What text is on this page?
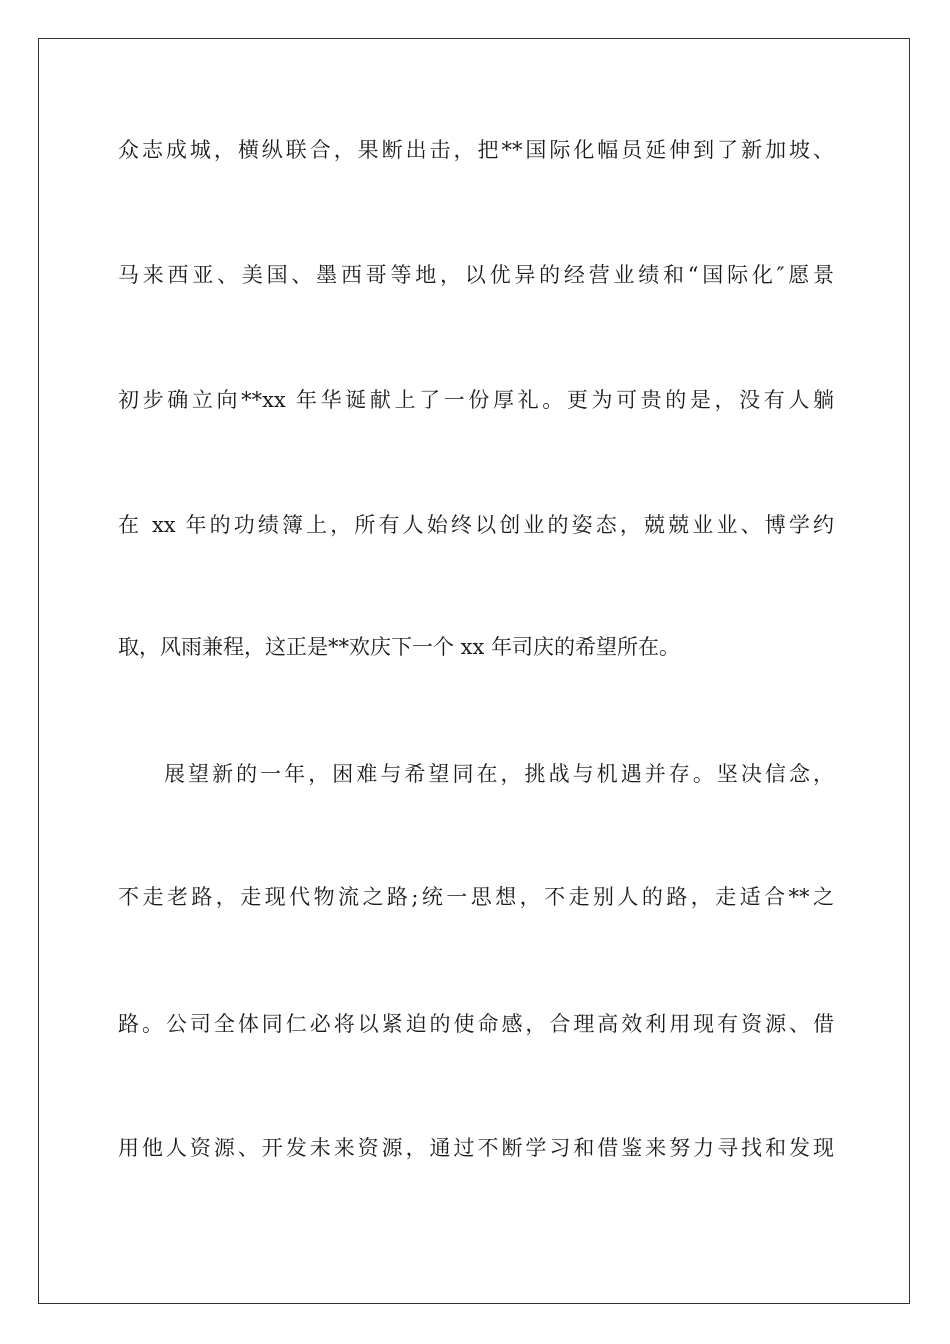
众志成城，横纵联合，果断出击，把**国际化幅员延伸到了新加坡、
马来西亚、美国、墨西哥等地，以优异的经营业绩和“国际化″愿景
初步确立向**xx 年华诞献上了一份厚礼。更为可贵的是，没有人躺
在 xx 年的功绩簿上，所有人始终以创业的姿态，兢兢业业、博学约
取，风雨兼程，这正是**欢庆下一个 xx 年司庆的希望所在。
展望新的一年，困难与希望同在，挑战与机遇并存。坚决信念，
不走老路，走现代物流之路;统一思想，不走别人的路，走适合**之
路。公司全体同仁必将以紧迫的使命感，合理高效利用现有资源、借
用他人资源、开发未来资源，通过不断学习和借鉴来努力寻找和发现
